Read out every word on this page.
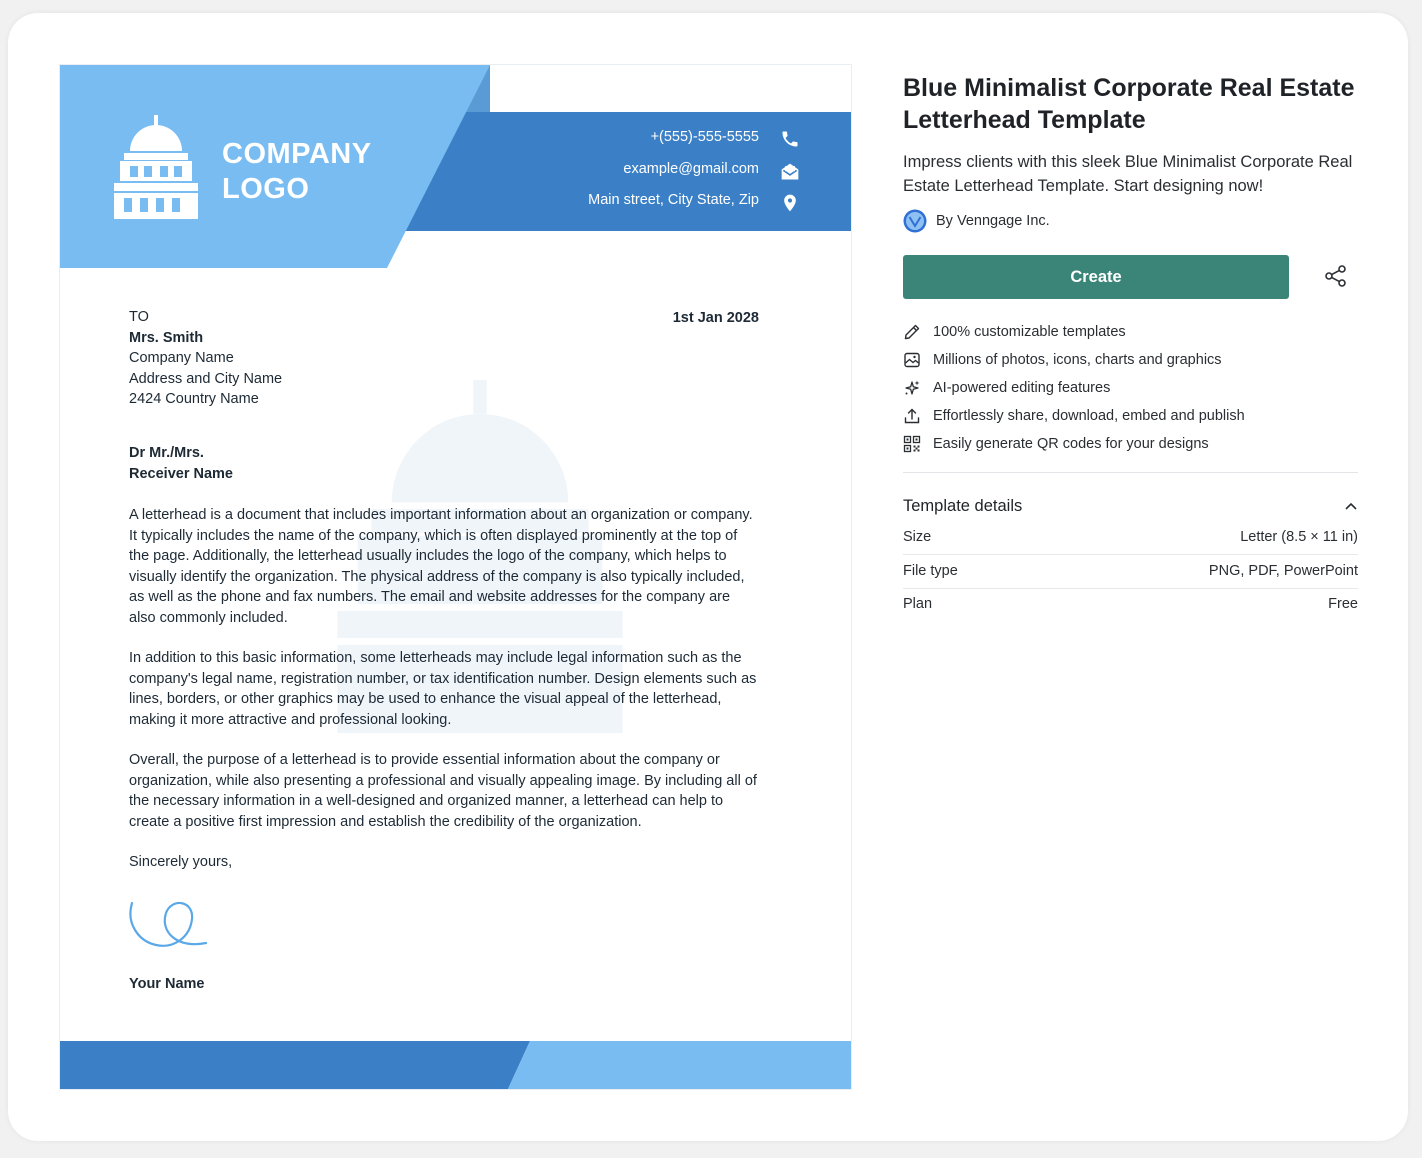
COMPANY
LOGO
+(555)-555-5555
example@gmail.com
Main street, City State, Zip
TO
Mrs. Smith
Company Name
Address and City Name
2424 Country Name
1st Jan 2028
Dr Mr./Mrs.
Receiver Name
A letterhead is a document that includes important information about an organization or company. It typically includes the name of the company, which is often displayed prominently at the top of the page. Additionally, the letterhead usually includes the logo of the company, which helps to visually identify the organization. The physical address of the company is also typically included, as well as the phone and fax numbers. The email and website addresses for the company are also commonly included.
In addition to this basic information, some letterheads may include legal information such as the company's legal name, registration number, or tax identification number. Design elements such as lines, borders, or other graphics may be used to enhance the visual appeal of the letterhead, making it more attractive and professional looking.
Overall, the purpose of a letterhead is to provide essential information about the company or organization, while also presenting a professional and visually appealing image. By including all of the necessary information in a well-designed and organized manner, a letterhead can help to create a positive first impression and establish the credibility of the organization.
Sincerely yours,
Your Name
Blue Minimalist Corporate Real Estate Letterhead Template
Impress clients with this sleek Blue Minimalist Corporate Real Estate Letterhead Template. Start designing now!
By Venngage Inc.
Create
100% customizable templates
Millions of photos, icons, charts and graphics
AI-powered editing features
Effortlessly share, download, embed and publish
Easily generate QR codes for your designs
Template details
Size	Letter (8.5 × 11 in)
File type	PNG, PDF, PowerPoint
Plan	Free
